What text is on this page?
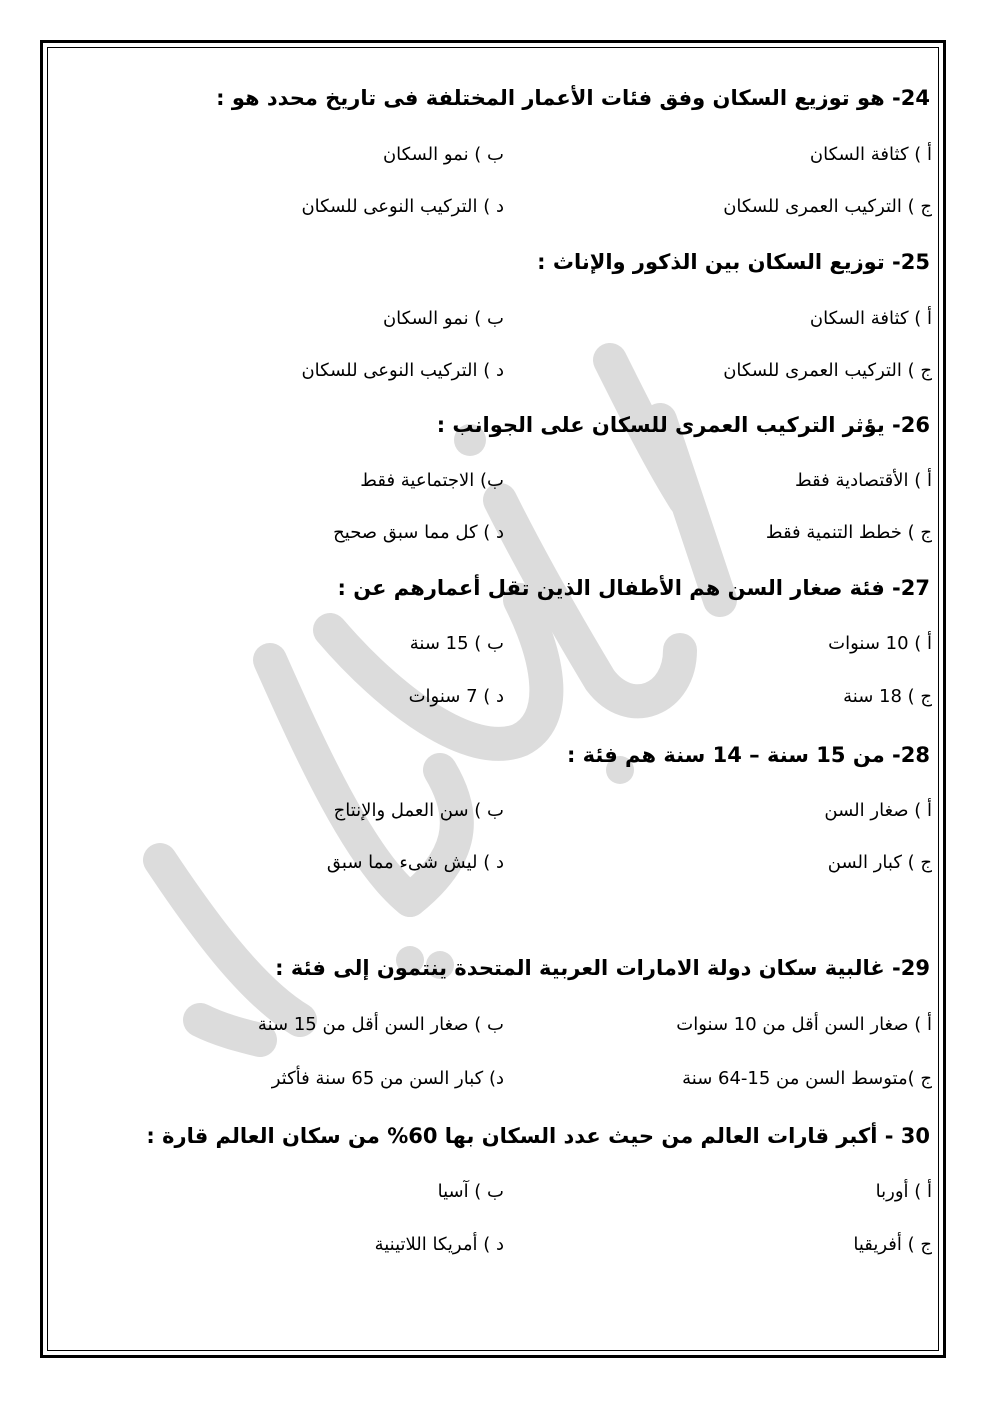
24- هو توزيع السكان وفق فئات الأعمار المختلفة فى تاريخ محدد هو :
أ ) كثافة السكان
ب ) نمو السكان
ج ) التركيب العمرى للسكان
د ) التركيب النوعى للسكان
25- توزيع السكان بين الذكور والإناث :
أ ) كثافة السكان
ب ) نمو السكان
ج ) التركيب العمرى للسكان
د ) التركيب النوعى للسكان
26- يؤثر التركيب العمرى للسكان على الجوانب :
أ ) الأقتصادية فقط
ب) الاجتماعية فقط
ج ) خطط التنمية فقط
د ) كل مما سبق صحيح
27- فئة صغار السن هم الأطفال الذين تقل أعمارهم عن :
أ ) 10 سنوات
ب ) 15 سنة
ج ) 18 سنة
د ) 7 سنوات
28- من 15 سنة – 14 سنة هم فئة :
أ ) صغار السن
ب ) سن العمل والإنتاج
ج ) كبار السن
د ) ليش شىء مما سبق
29- غالبية سكان دولة الامارات العربية المتحدة ينتمون إلى فئة :
أ ) صغار السن أقل من 10 سنوات
ب ) صغار السن أقل من 15 سنة
ج )متوسط السن من 15-64 سنة
د) كبار السن من 65 سنة فأكثر
30 - أكبر قارات العالم من حيث عدد السكان بها 60% من سكان العالم قارة :
أ ) أوربا
ب ) آسيا
ج ) أفريقيا
د ) أمريكا اللاتينية
